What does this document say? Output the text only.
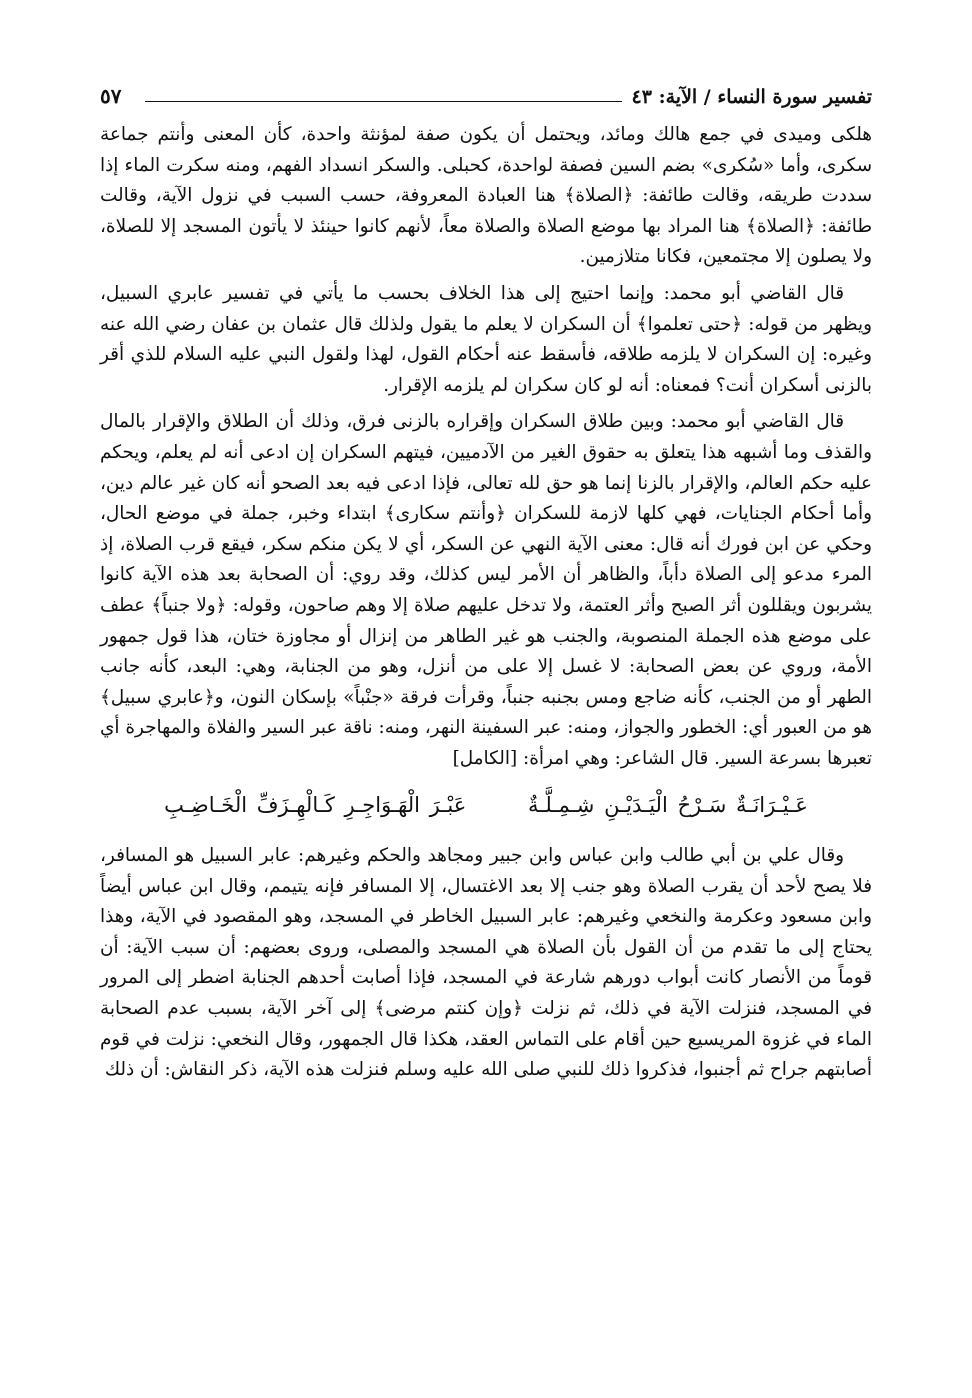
تفسير سورة النساء / الآية: ٤٣
٥٧

هلكى وميدى في جمع هالك ومائد، ويحتمل أن يكون صفة لمؤنثة واحدة، كأن المعنى وأنتم جماعة سكرى، وأما «سُكرى» بضم السين فصفة لواحدة، كحبلى. والسكر انسداد الفهم، ومنه سكرت الماء إذا سددت طريقه، وقالت طائفة: ﴿الصلاة﴾ هنا العبادة المعروفة، حسب السبب في نزول الآية، وقالت طائفة: ﴿الصلاة﴾ هنا المراد بها موضع الصلاة والصلاة معاً، لأنهم كانوا حينئذ لا يأتون المسجد إلا للصلاة، ولا يصلون إلا مجتمعين، فكانا متلازمين.

قال القاضي أبو محمد: وإنما احتيج إلى هذا الخلاف بحسب ما يأتي في تفسير عابري السبيل، ويظهر من قوله: ﴿حتى تعلموا﴾ أن السكران لا يعلم ما يقول ولذلك قال عثمان بن عفان رضي الله عنه وغيره: إن السكران لا يلزمه طلاقه، فأسقط عنه أحكام القول، لهذا ولقول النبي عليه السلام للذي أقر بالزنى أسكران أنت؟ فمعناه: أنه لو كان سكران لم يلزمه الإقرار.

قال القاضي أبو محمد: وبين طلاق السكران وإقراره بالزنى فرق، وذلك أن الطلاق والإقرار بالمال والقذف وما أشبهه هذا يتعلق به حقوق الغير من الآدميين، فيتهم السكران إن ادعى أنه لم يعلم، ويحكم عليه حكم العالم، والإقرار بالزنا إنما هو حق لله تعالى، فإذا ادعى فيه بعد الصحو أنه كان غير عالم دين، وأما أحكام الجنايات، فهي كلها لازمة للسكران ﴿وأنتم سكارى﴾ ابتداء وخبر، جملة في موضع الحال، وحكي عن ابن فورك أنه قال: معنى الآية النهي عن السكر، أي لا يكن منكم سكر، فيقع قرب الصلاة، إذ المرء مدعو إلى الصلاة دأباً، والظاهر أن الأمر ليس كذلك، وقد روي: أن الصحابة بعد هذه الآية كانوا يشربون ويقللون أثر الصبح وأثر العتمة، ولا تدخل عليهم صلاة إلا وهم صاحون، وقوله: ﴿ولا جنباً﴾ عطف على موضع هذه الجملة المنصوبة، والجنب هو غير الطاهر من إنزال أو مجاوزة ختان، هذا قول جمهور الأمة، وروي عن بعض الصحابة: لا غسل إلا على من أنزل، وهو من الجنابة، وهي: البعد، كأنه جانب الطهر أو من الجنب، كأنه ضاجع ومس بجنبه جنباً، وقرأت فرقة «جنْباً» بإسكان النون، و﴿عابري سبيل﴾ هو من العبور أي: الخطور والجواز، ومنه: عبر السفينة النهر، ومنه: ناقة عبر السير والفلاة والمهاجرة أي تعبرها بسرعة السير. قال الشاعر: وهي امرأة: [الكامل]

عَـيْـرَانَـةٌ سَـرْحُ الْيَـدَيْـنِ شِـمِـلَّـةٌ عَبْـرَ الْهَـوَاجِـرِ كَـالْهِـزَفِّ الْخَـاضِـبِ

وقال علي بن أبي طالب وابن عباس وابن جبير ومجاهد والحكم وغيرهم: عابر السبيل هو المسافر، فلا يصح لأحد أن يقرب الصلاة وهو جنب إلا بعد الاغتسال، إلا المسافر فإنه يتيمم، وقال ابن عباس أيضاً وابن مسعود وعكرمة والنخعي وغيرهم: عابر السبيل الخاطر في المسجد، وهو المقصود في الآية، وهذا يحتاج إلى ما تقدم من أن القول بأن الصلاة هي المسجد والمصلى، وروى بعضهم: أن سبب الآية: أن قوماً من الأنصار كانت أبواب دورهم شارعة في المسجد، فإذا أصابت أحدهم الجنابة اضطر إلى المرور في المسجد، فنزلت الآية في ذلك، ثم نزلت ﴿وإن كنتم مرضى﴾ إلى آخر الآية، بسبب عدم الصحابة الماء في غزوة المريسيع حين أقام على التماس العقد، هكذا قال الجمهور، وقال النخعي: نزلت في قوم أصابتهم جراح ثم أجنبوا، فذكروا ذلك للنبي صلى الله عليه وسلم فنزلت هذه الآية، ذكر النقاش: أن ذلك
